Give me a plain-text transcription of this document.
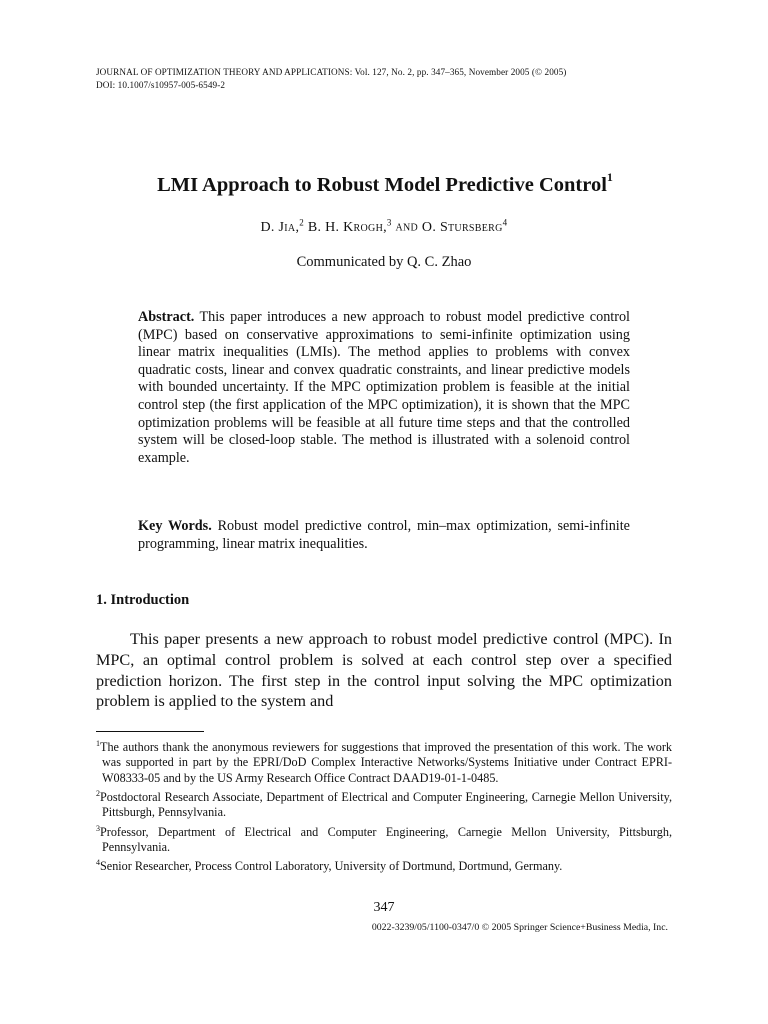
JOURNAL OF OPTIMIZATION THEORY AND APPLICATIONS: Vol. 127, No. 2, pp. 347–365, November 2005 (© 2005)
DOI: 10.1007/s10957-005-6549-2
LMI Approach to Robust Model Predictive Control$^1$
D. Jia,$^2$ B. H. Krogh,$^3$ and O. Stursberg$^4$
Communicated by Q. C. Zhao
Abstract. This paper introduces a new approach to robust model predictive control (MPC) based on conservative approximations to semi-infinite optimization using linear matrix inequalities (LMIs). The method applies to problems with convex quadratic costs, linear and convex quadratic constraints, and linear predictive models with bounded uncertainty. If the MPC optimization problem is feasible at the initial control step (the first application of the MPC optimization), it is shown that the MPC optimization problems will be feasible at all future time steps and that the controlled system will be closed-loop stable. The method is illustrated with a solenoid control example.
Key Words. Robust model predictive control, min–max optimization, semi-infinite programming, linear matrix inequalities.
1. Introduction
This paper presents a new approach to robust model predictive control (MPC). In MPC, an optimal control problem is solved at each control step over a specified prediction horizon. The first step in the control input solving the MPC optimization problem is applied to the system and

$^1$The authors thank the anonymous reviewers for suggestions that improved the presentation of this work. The work was supported in part by the EPRI/DoD Complex Interactive Networks/Systems Initiative under Contract EPRI-W08333-05 and by the US Army Research Office Contract DAAD19-01-1-0485.

$^2$Postdoctoral Research Associate, Department of Electrical and Computer Engineering, Carnegie Mellon University, Pittsburgh, Pennsylvania.

$^3$Professor, Department of Electrical and Computer Engineering, Carnegie Mellon University, Pittsburgh, Pennsylvania.

$^4$Senior Researcher, Process Control Laboratory, University of Dortmund, Dortmund, Germany.

347
0022-3239/05/1100-0347/0 © 2005 Springer Science+Business Media, Inc.
